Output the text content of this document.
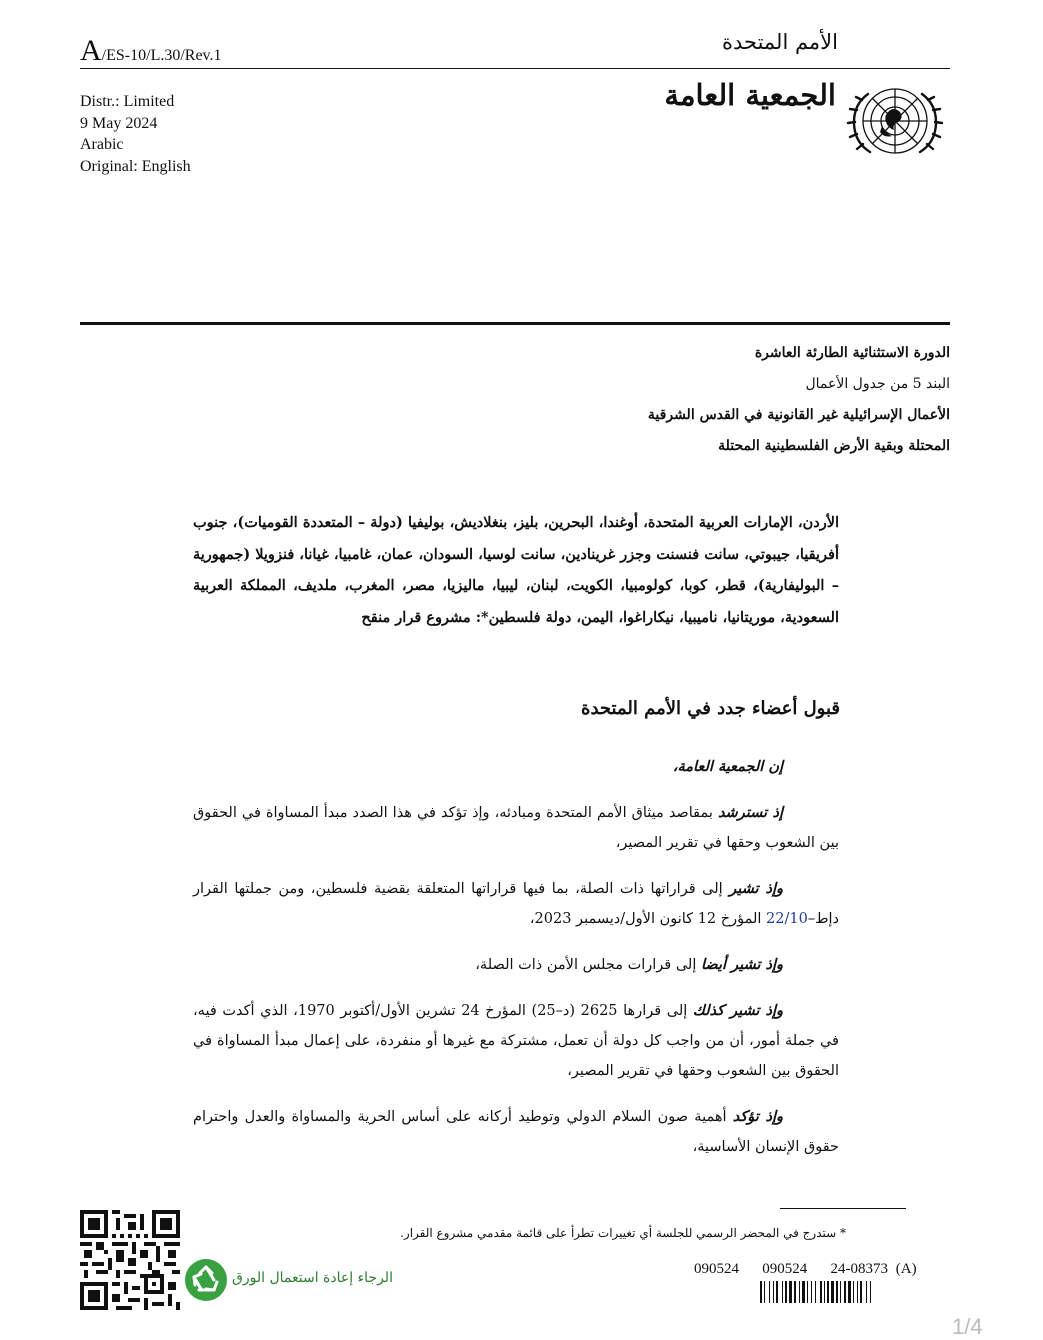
A/ES-10/L.30/Rev.1
الأمم المتحدة
الجمعية العامة
Distr.: Limited
9 May 2024
Arabic
Original: English
الدورة الاستثنائية الطارئة العاشرة
البند 5 من جدول الأعمال
الأعمال الإسرائيلية غير القانونية في القدس الشرقية
المحتلة وبقية الأرض الفلسطينية المحتلة
الأردن، الإمارات العربية المتحدة، أوغندا، البحرين، بليز، بنغلاديش، بوليفيا (دولة – المتعددة القوميات)، جنوب أفريقيا، جيبوتي، سانت فنسنت وجزر غرينادين، سانت لوسيا، السودان، عمان، غامبيا، غيانا، فنزويلا (جمهورية – البوليفارية)، قطر، كوبا، كولومبيا، الكويت، لبنان، ليبيا، ماليزيا، مصر، المغرب، ملديف، المملكة العربية السعودية، موريتانيا، ناميبيا، نيكاراغوا، اليمن، دولة فلسطين*: مشروع قرار منقح
قبول أعضاء جدد في الأمم المتحدة

إن الجمعية العامة،

إذ تسترشد بمقاصد ميثاق الأمم المتحدة ومبادئه، وإذ تؤكد في هذا الصدد مبدأ المساواة في الحقوق بين الشعوب وحقها في تقرير المصير،

وإذ تشير إلى قراراتها ذات الصلة، بما فيها قراراتها المتعلقة بقضية فلسطين، ومن جملتها القرار دإط–22/10 المؤرخ 12 كانون الأول/ديسمبر 2023،

وإذ تشير أيضا إلى قرارات مجلس الأمن ذات الصلة،

وإذ تشير كذلك إلى قرارها 2625 (د–25) المؤرخ 24 تشرين الأول/أكتوبر 1970، الذي أكدت فيه، في جملة أمور، أن من واجب كل دولة أن تعمل، مشتركة مع غيرها أو منفردة، على إعمال مبدأ المساواة في الحقوق بين الشعوب وحقها في تقرير المصير،

وإذ تؤكد أهمية صون السلام الدولي وتوطيد أركانه على أساس الحرية والمساواة والعدل واحترام حقوق الإنسان الأساسية،

* ستدرج في المحضر الرسمي للجلسة أي تغييرات تطرأ على قائمة مقدمي مشروع القرار.
الرجاء إعادة استعمال الورق
090524   090524   24-08373 (A)
1/4
